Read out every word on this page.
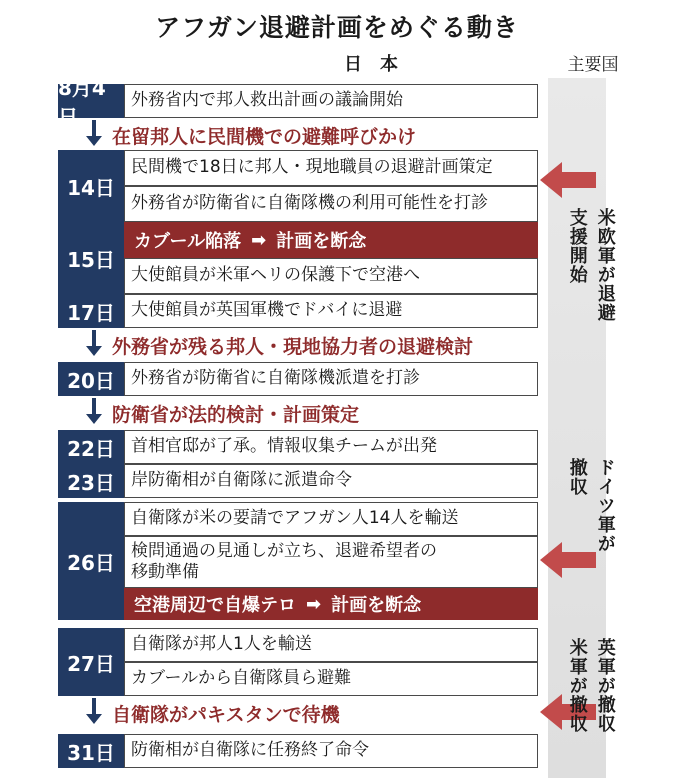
アフガン退避計画をめぐる動き
日本	主要国
8月4日
外務省内で邦人救出計画の議論開始
在留邦人に民間機での避難呼びかけ
14日
民間機で18日に邦人・現地職員の退避計画策定
外務省が防衛省に自衛隊機の利用可能性を打診
15日
カブール陥落 ➡ 計画を断念
大使館員が米軍ヘリの保護下で空港へ
17日 大使館員が英国軍機でドバイに退避
外務省が残る邦人・現地協力者の退避検討
20日 外務省が防衛省に自衛隊機派遣を打診
防衛省が法的検討・計画策定
22日 首相官邸が了承。情報収集チームが出発
23日 岸防衛相が自衛隊に派遣命令
26日
自衛隊が米の要請でアフガン人14人を輸送
検問通過の見通しが立ち、退避希望者の
移動準備
空港周辺で自爆テロ ➡ 計画を断念
27日
自衛隊が邦人1人を輸送
カブールから自衛隊員ら避難
自衛隊がパキスタンで待機
31日 防衛相が自衛隊に任務終了命令
米欧軍が退避
支援開始
ドイツ軍が
撤収
英軍が撤収
米軍が撤収
